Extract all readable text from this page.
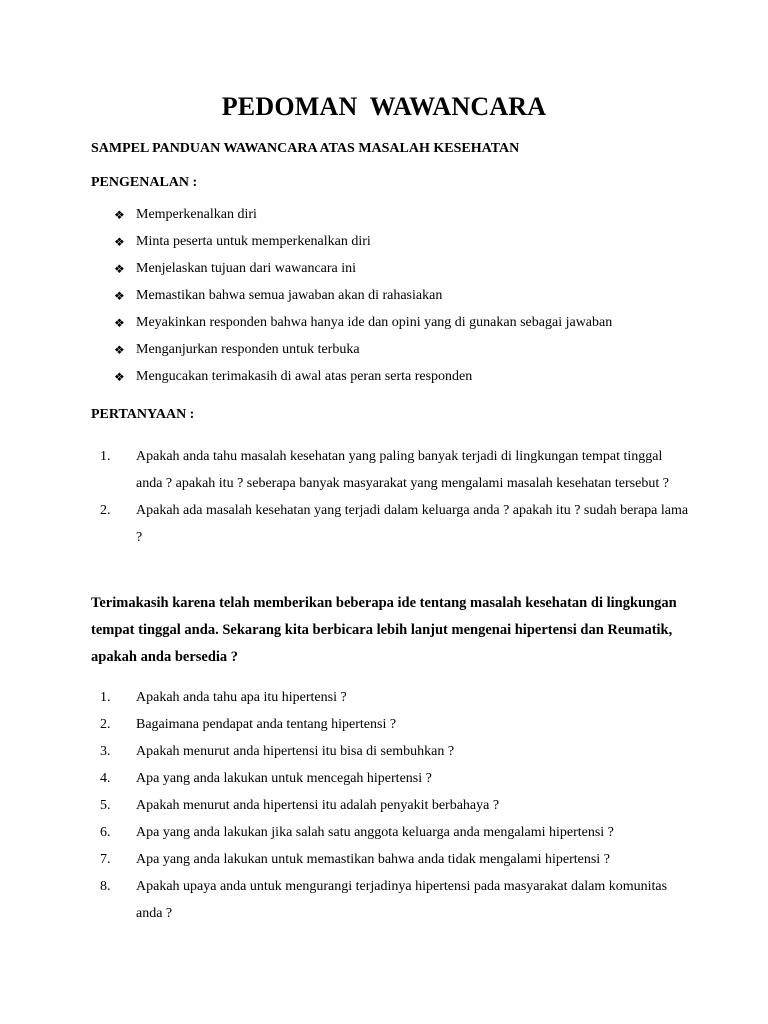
PEDOMAN WAWANCARA
SAMPEL PANDUAN WAWANCARA ATAS MASALAH KESEHATAN
PENGENALAN :
❖ Memperkenalkan diri
❖ Minta peserta untuk memperkenalkan diri
❖ Menjelaskan tujuan dari wawancara ini
❖ Memastikan bahwa semua jawaban akan di rahasiakan
❖ Meyakinkan responden bahwa hanya ide dan opini yang di gunakan sebagai jawaban
❖ Menganjurkan responden untuk terbuka
❖ Mengucakan terimakasih di awal atas peran serta responden
PERTANYAAN :
1.	Apakah anda tahu masalah kesehatan yang paling banyak terjadi di lingkungan tempat tinggal anda ? apakah itu ? seberapa banyak masyarakat yang mengalami masalah kesehatan tersebut ?
2.	Apakah ada masalah kesehatan yang terjadi dalam keluarga anda ? apakah itu ? sudah berapa lama ?
Terimakasih karena telah memberikan beberapa ide tentang masalah kesehatan di lingkungan tempat tinggal anda. Sekarang kita berbicara lebih lanjut mengenai hipertensi dan Reumatik, apakah anda bersedia ?
1.	Apakah anda tahu apa itu hipertensi ?
2.	Bagaimana pendapat anda tentang hipertensi ?
3.	Apakah menurut anda hipertensi itu bisa di sembuhkan ?
4.	Apa yang anda lakukan untuk mencegah hipertensi ?
5.	Apakah menurut anda hipertensi itu adalah penyakit berbahaya ?
6.	Apa yang anda lakukan jika salah satu anggota keluarga anda mengalami hipertensi ?
7.	Apa yang anda lakukan untuk memastikan bahwa anda tidak mengalami hipertensi ?
8.	Apakah upaya anda untuk mengurangi terjadinya hipertensi pada masyarakat dalam komunitas anda ?
